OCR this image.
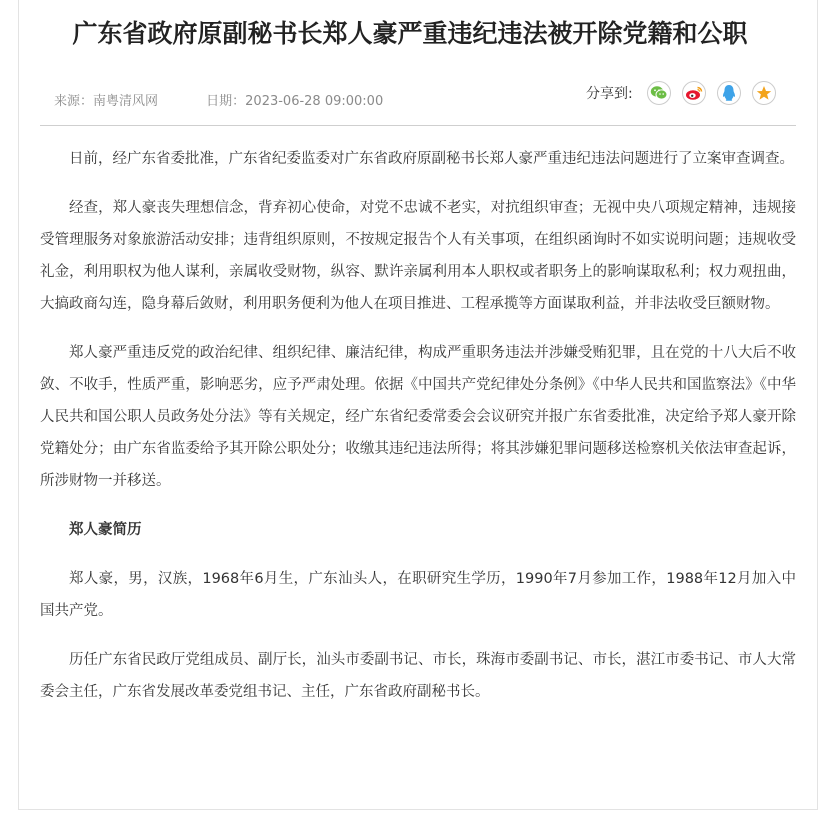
广东省政府原副秘书长郑人豪严重违纪违法被开除党籍和公职
来源：南粤清风网	日期：2023-06-28 09:00:00	分享到:

日前，经广东省委批准，广东省纪委监委对广东省政府原副秘书长郑人豪严重违纪违法问题进行了立案审查调查。

经查，郑人豪丧失理想信念，背弃初心使命，对党不忠诚不老实，对抗组织审查；无视中央八项规定精神，违规接受管理服务对象旅游活动安排；违背组织原则，不按规定报告个人有关事项，在组织函询时不如实说明问题；违规收受礼金，利用职权为他人谋利，亲属收受财物，纵容、默许亲属利用本人职权或者职务上的影响谋取私利；权力观扭曲，大搞政商勾连，隐身幕后敛财，利用职务便利为他人在项目推进、工程承揽等方面谋取利益，并非法收受巨额财物。

郑人豪严重违反党的政治纪律、组织纪律、廉洁纪律，构成严重职务违法并涉嫌受贿犯罪，且在党的十八大后不收敛、不收手，性质严重，影响恶劣，应予严肃处理。依据《中国共产党纪律处分条例》《中华人民共和国监察法》《中华人民共和国公职人员政务处分法》等有关规定，经广东省纪委常委会会议研究并报广东省委批准，决定给予郑人豪开除党籍处分；由广东省监委给予其开除公职处分；收缴其违纪违法所得；将其涉嫌犯罪问题移送检察机关依法审查起诉，所涉财物一并移送。

郑人豪简历

郑人豪，男，汉族，1968年6月生，广东汕头人，在职研究生学历，1990年7月参加工作，1988年12月加入中国共产党。

历任广东省民政厅党组成员、副厅长，汕头市委副书记、市长，珠海市委副书记、市长，湛江市委书记、市人大常委会主任，广东省发展改革委党组书记、主任，广东省政府副秘书长。
